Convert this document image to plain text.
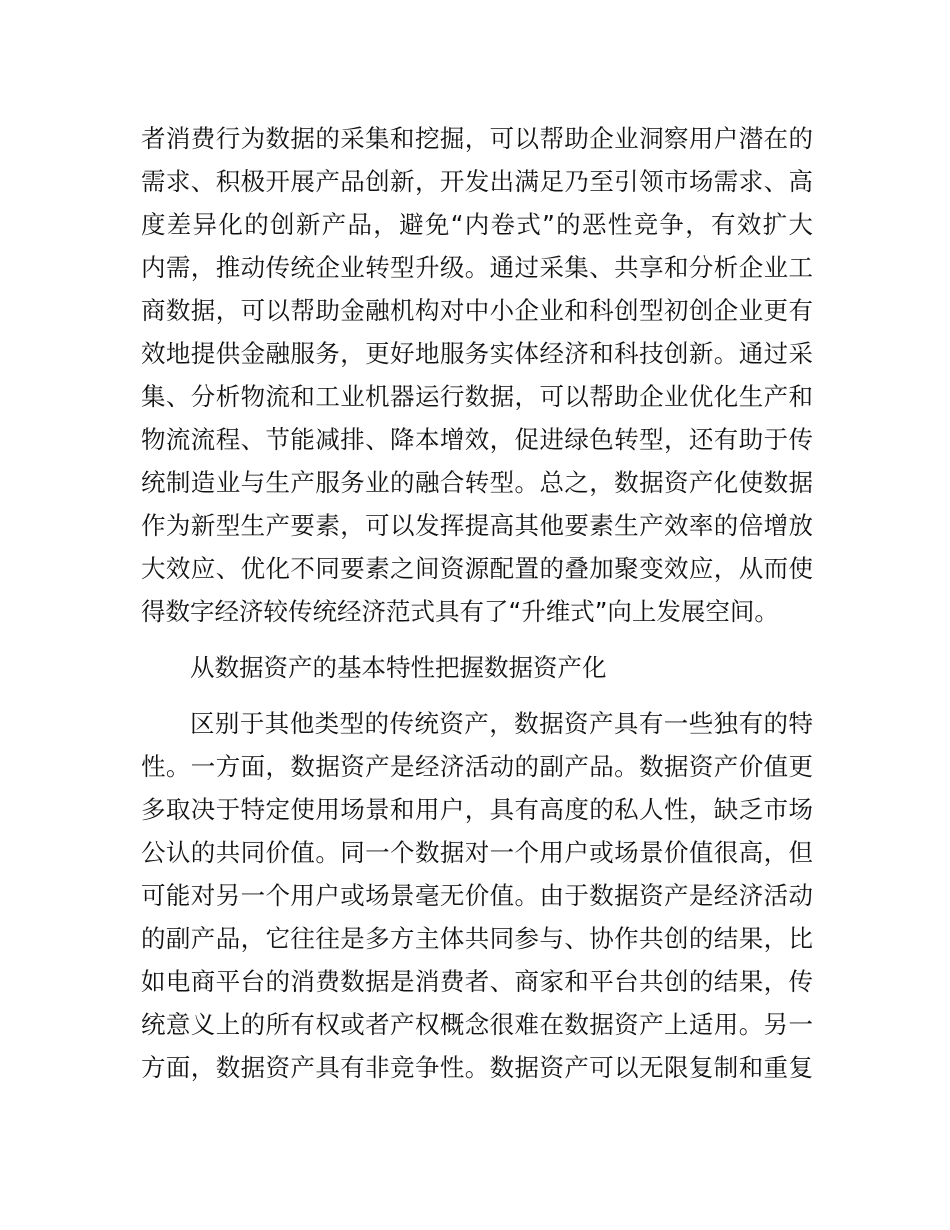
者消费行为数据的采集和挖掘，可以帮助企业洞察用户潜在的
需求、积极开展产品创新，开发出满足乃至引领市场需求、高
度差异化的创新产品，避免“内卷式”的恶性竞争，有效扩大
内需，推动传统企业转型升级。通过采集、共享和分析企业工
商数据，可以帮助金融机构对中小企业和科创型初创企业更有
效地提供金融服务，更好地服务实体经济和科技创新。通过采
集、分析物流和工业机器运行数据，可以帮助企业优化生产和
物流流程、节能减排、降本增效，促进绿色转型，还有助于传
统制造业与生产服务业的融合转型。总之，数据资产化使数据
作为新型生产要素，可以发挥提高其他要素生产效率的倍增放
大效应、优化不同要素之间资源配置的叠加聚变效应，从而使
得数字经济较传统经济范式具有了“升维式”向上发展空间。
从数据资产的基本特性把握数据资产化
区别于其他类型的传统资产，数据资产具有一些独有的特
性。一方面，数据资产是经济活动的副产品。数据资产价值更
多取决于特定使用场景和用户，具有高度的私人性，缺乏市场
公认的共同价值。同一个数据对一个用户或场景价值很高，但
可能对另一个用户或场景毫无价值。由于数据资产是经济活动
的副产品，它往往是多方主体共同参与、协作共创的结果，比
如电商平台的消费数据是消费者、商家和平台共创的结果，传
统意义上的所有权或者产权概念很难在数据资产上适用。另一
方面，数据资产具有非竞争性。数据资产可以无限复制和重复
